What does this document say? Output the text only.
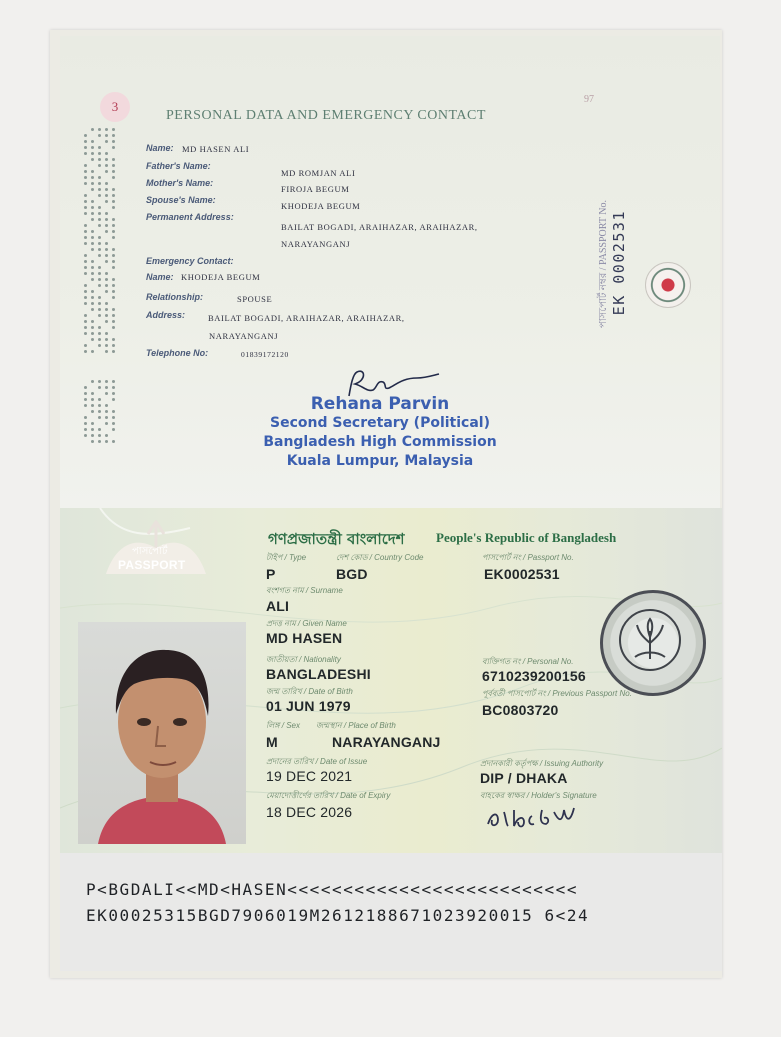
3	97
PERSONAL DATA AND EMERGENCY CONTACT
Name: MD HASEN ALI
Father's Name:
MD ROMJAN ALI
Mother's Name:
FIROJA BEGUM
Spouse's Name:
KHODEJA BEGUM
Permanent Address:
BAILAT BOGADI, ARAIHAZAR, ARAIHAZAR,
NARAYANGANJ
Emergency Contact:
Name: KHODEJA BEGUM
Relationship:	SPOUSE
Address:	BAILAT BOGADI, ARAIHAZAR, ARAIHAZAR,
NARAYANGANJ
Telephone No:	01839172120
পাসপোর্ট নম্বর / PASSPORT No. EK 0002531
Rehana Parvin
Second Secretary (Political)
Bangladesh High Commission
Kuala Lumpur, Malaysia
পাসপোর্ট
PASSPORT
গণপ্রজাতন্ত্রী বাংলাদেশ People's Republic of Bangladesh
টাইপ / Type	দেশ কোড / Country Code	পাসপোর্ট নং / Passport No.
P	BGD	EK0002531
বংশগত নাম / Surname
ALI
প্রদত্ত নাম / Given Name
MD HASEN
জাতীয়তা / Nationality
BANGLADESHI
ব্যক্তিগত নং / Personal No.
6710239200156
জন্ম তারিখ / Date of Birth
01 JUN 1979
পূর্ববর্তী পাসপোর্ট নং / Previous Passport No.
BC0803720
লিঙ্গ / Sex জন্মস্থান / Place of Birth
M	NARAYANGANJ
প্রদানের তারিখ / Date of Issue
19 DEC 2021
প্রদানকারী কর্তৃপক্ষ / Issuing Authority
DIP / DHAKA
মেয়াদোত্তীর্ণের তারিখ / Date of Expiry
18 DEC 2026
বাহকের স্বাক্ষর / Holder's Signature
P<BGDALI<<MD<HASEN<<<<<<<<<<<<<<<<<<<<<<<<<<
EK00025315BGD7906019M2612188671023920015 6<24
